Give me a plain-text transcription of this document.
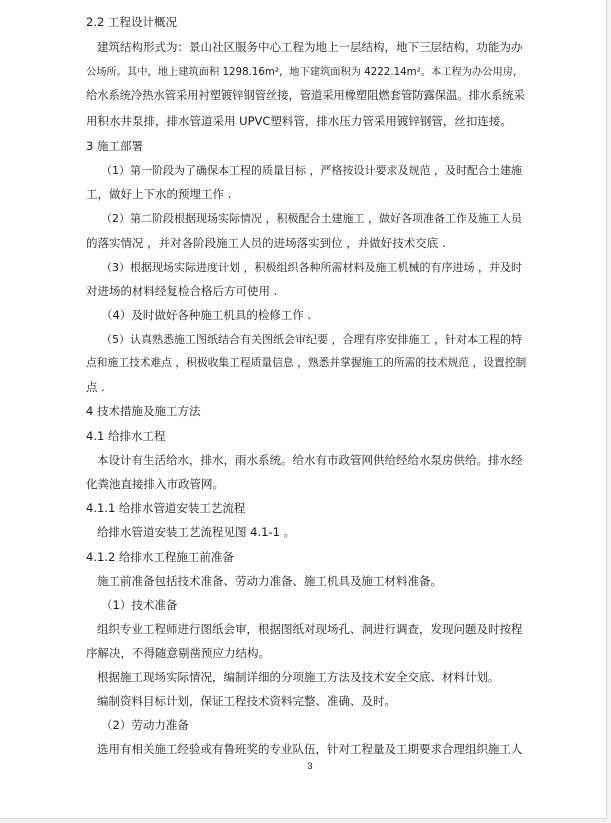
2.2 工程设计概况
建筑结构形式为：景山社区服务中心工程为地上一层结构，地下三层结构，功能为办
公场所。其中，地上建筑面积 1298.16m²，地下建筑面积为 4222.14m²。本工程为办公用房，
给水系统冷热水管采用衬塑镀锌钢管丝接，管道采用橡塑阻燃套管防露保温。排水系统采
用积水井泵排，排水管道采用 UPVC塑料管，排水压力管采用镀锌钢管，丝扣连接。
3 施工部署
（1）第一阶段为了确保本工程的质量目标 ，严格按设计要求及规范 ，及时配合土建施
工，做好上下水的预埋工作 .
（2）第二阶段根据现场实际情况 ，积极配合土建施工 ，做好各项准备工作及施工人员
的落实情况 ，并对各阶段施工人员的进场落实到位 ，并做好技术交底 .
（3）根据现场实际进度计划 ，积极组织各种所需材料及施工机械的有序进场 ，并及时
对进场的材料经复检合格后方可使用 .
（4）及时做好各种施工机具的检修工作 .
（5）认真熟悉施工图纸结合有关图纸会审纪要 ，合理有序安排施工 ，针对本工程的特
点和施工技术难点 ，积极收集工程质量信息 ，熟悉并掌握施工的所需的技术规范 ，设置控制
点 .
4 技术措施及施工方法
4.1 给排水工程
本设计有生活给水，排水，雨水系统。给水有市政管网供给经给水泵房供给。排水经
化粪池直接排入市政管网。
4.1.1 给排水管道安装工艺流程
给排水管道安装工艺流程见图 4.1-1 。
4.1.2 给排水工程施工前准备
施工前准备包括技术准备、劳动力准备、施工机具及施工材料准备。
（1）技术准备
组织专业工程师进行图纸会审，根据图纸对现场孔、洞进行调查，发现问题及时按程
序解决，不得随意剔凿预应力结构。
根据施工现场实际情况，编制详细的分项施工方法及技术安全交底、材料计划。
编制资料目标计划，保证工程技术资料完整、准确、及时。
（2）劳动力准备
选用有相关施工经验或有鲁班奖的专业队伍，针对工程量及工期要求合理组织施工人
3
